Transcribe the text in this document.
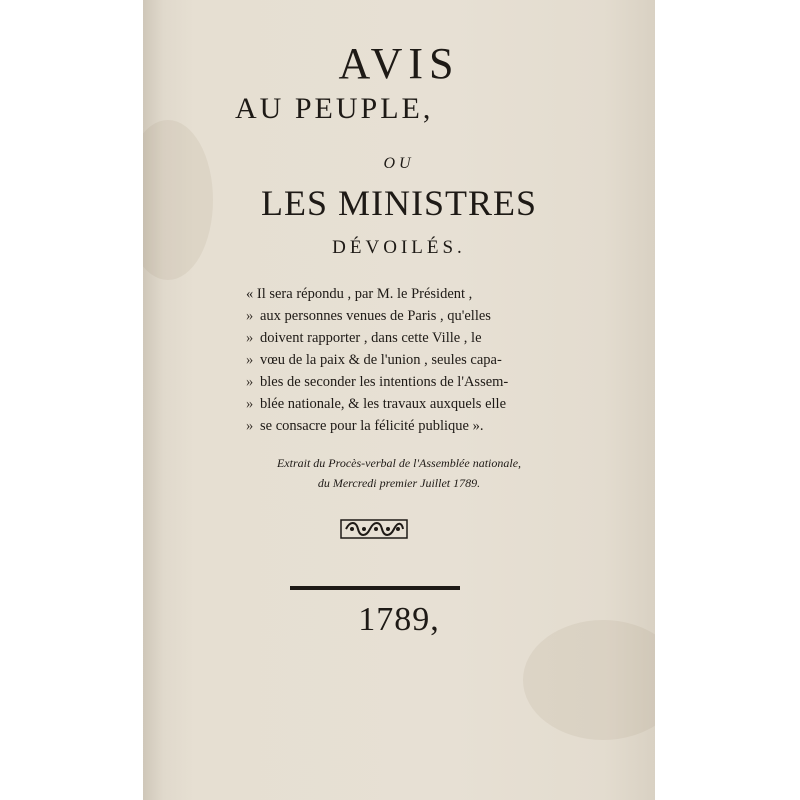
AVIS
AU PEUPLE,
OU
LES MINISTRES
DÉVOILÉS.
« Il sera répondu , par M. le Président ,
» aux personnes venues de Paris , qu'elles
» doivent rapporter , dans cette Ville , le
» vœu de la paix & de l'union , seules capa-
» bles de seconder les intentions de l'Assem-
» blée nationale, & les travaux auxquels elle
» se consacre pour la félicité publique ».
Extrait du Procès-verbal de l'Assemblée nationale,
du Mercredi premier Juillet 1789.
1789,
